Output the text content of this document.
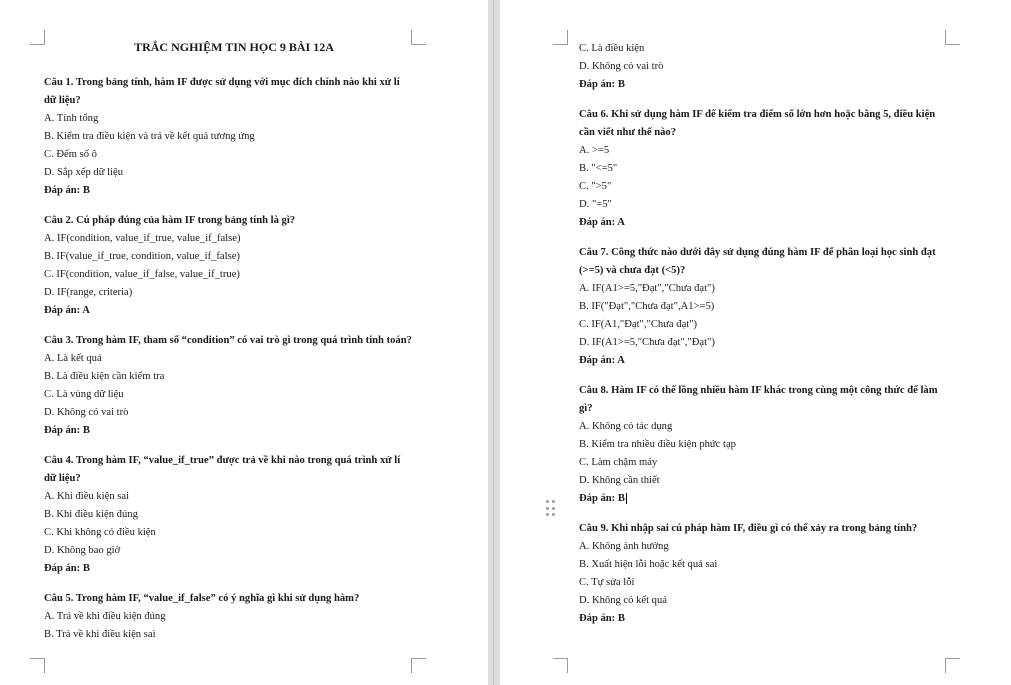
TRẮC NGHIỆM TIN HỌC 9 BÀI 12A
Câu 1. Trong bảng tính, hàm IF được sử dụng với mục đích chính nào khi xử lí
dữ liệu?
A. Tính tổng
B. Kiểm tra điều kiện và trả về kết quả tương ứng
C. Đếm số ô
D. Sắp xếp dữ liệu
Đáp án: B
Câu 2. Cú pháp đúng của hàm IF trong bảng tính là gì?
A. IF(condition, value_if_true, value_if_false)
B. IF(value_if_true, condition, value_if_false)
C. IF(condition, value_if_false, value_if_true)
D. IF(range, criteria)
Đáp án: A
Câu 3. Trong hàm IF, tham số “condition” có vai trò gì trong quá trình tính toán?
A. Là kết quả
B. Là điều kiện cần kiểm tra
C. Là vùng dữ liệu
D. Không có vai trò
Đáp án: B
Câu 4. Trong hàm IF, “value_if_true” được trả về khi nào trong quá trình xử lí
dữ liệu?
A. Khi điều kiện sai
B. Khi điều kiện đúng
C. Khi không có điều kiện
D. Không bao giờ
Đáp án: B
Câu 5. Trong hàm IF, “value_if_false” có ý nghĩa gì khi sử dụng hàm?
A. Trả về khi điều kiện đúng
B. Trả về khi điều kiện sai
C. Là điều kiện
D. Không có vai trò
Đáp án: B
Câu 6. Khi sử dụng hàm IF để kiểm tra điểm số lớn hơn hoặc bằng 5, điều kiện
cần viết như thế nào?
A. >=5
B. "<=5"
C. ">5"
D. "=5"
Đáp án: A
Câu 7. Công thức nào dưới đây sử dụng đúng hàm IF để phân loại học sinh đạt
(>=5) và chưa đạt (<5)?
A. IF(A1>=5,"Đạt","Chưa đạt")
B. IF("Đạt","Chưa đạt",A1>=5)
C. IF(A1,"Đạt","Chưa đạt")
D. IF(A1>=5,"Chưa đạt","Đạt")
Đáp án: A
Câu 8. Hàm IF có thể lồng nhiều hàm IF khác trong cùng một công thức để làm
gì?
A. Không có tác dụng
B. Kiểm tra nhiều điều kiện phức tạp
C. Làm chậm máy
D. Không cần thiết
Đáp án: B
Câu 9. Khi nhập sai cú pháp hàm IF, điều gì có thể xảy ra trong bảng tính?
A. Không ảnh hưởng
B. Xuất hiện lỗi hoặc kết quả sai
C. Tự sửa lỗi
D. Không có kết quả
Đáp án: B
